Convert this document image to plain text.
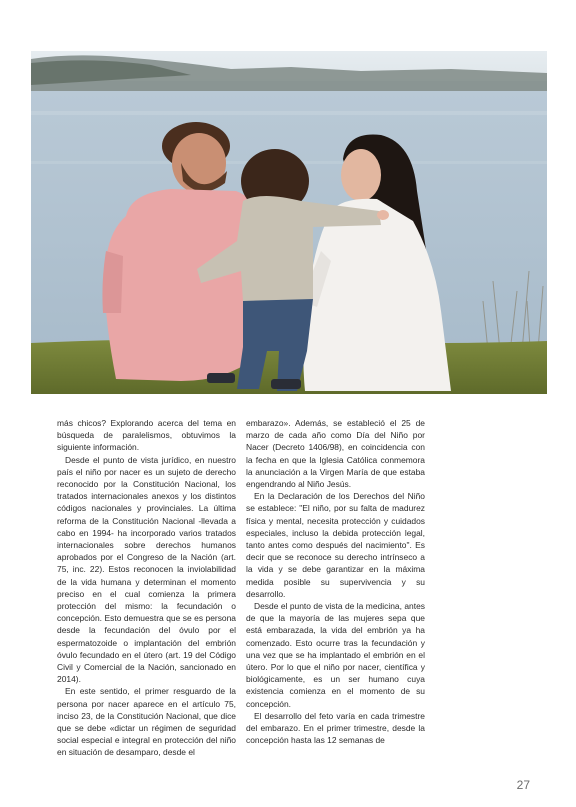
más chicos? Explorando acerca del tema en búsqueda de paralelismos, obtuvimos la siguiente información.

Desde el punto de vista jurídico, en nuestro país el niño por nacer es un sujeto de derecho reconocido por la Constitución Nacional, los tratados internacionales anexos y los distintos códigos nacionales y provinciales. La última reforma de la Constitución Nacional -llevada a cabo en 1994- ha incorporado varios tratados internacionales sobre derechos humanos aprobados por el Congreso de la Nación (art. 75, inc. 22). Estos reconocen la inviolabilidad de la vida humana y determinan el momento preciso en el cual comienza la primera protección del mismo: la fecundación o concepción. Esto demuestra que se es persona desde la fecundación del óvulo por el espermatozoide o implantación del embrión óvulo fecundado en el útero (art. 19 del Código Civil y Comercial de la Nación, sancionado en 2014).

En este sentido, el primer resguardo de la persona por nacer aparece en el artículo 75, inciso 23, de la Constitución Nacional, que dice que se debe «dictar un régimen de seguridad social especial e integral en protección del niño en situación de desamparo, desde el

embarazo». Además, se estableció el 25 de marzo de cada año como Día del Niño por Nacer (Decreto 1406/98), en coincidencia con la fecha en que la Iglesia Católica conmemora la anunciación a la Virgen María de que estaba engendrando al Niño Jesús.

En la Declaración de los Derechos del Niño se establece: "El niño, por su falta de madurez física y mental, necesita protección y cuidados especiales, incluso la debida protección legal, tanto antes como después del nacimiento". Es decir que se reconoce su derecho intrínseco a la vida y se debe garantizar en la máxima medida posible su supervivencia y su desarrollo.

Desde el punto de vista de la medicina, antes de que la mayoría de las mujeres sepa que está embarazada, la vida del embrión ya ha comenzado. Esto ocurre tras la fecundación y una vez que se ha implantado el embrión en el útero. Por lo que el niño por nacer, científica y biológicamente, es un ser humano cuya existencia comienza en el momento de su concepción.

El desarrollo del feto varía en cada trimestre del embarazo. En el primer trimestre, desde la concepción hasta las 12 semanas de

27
